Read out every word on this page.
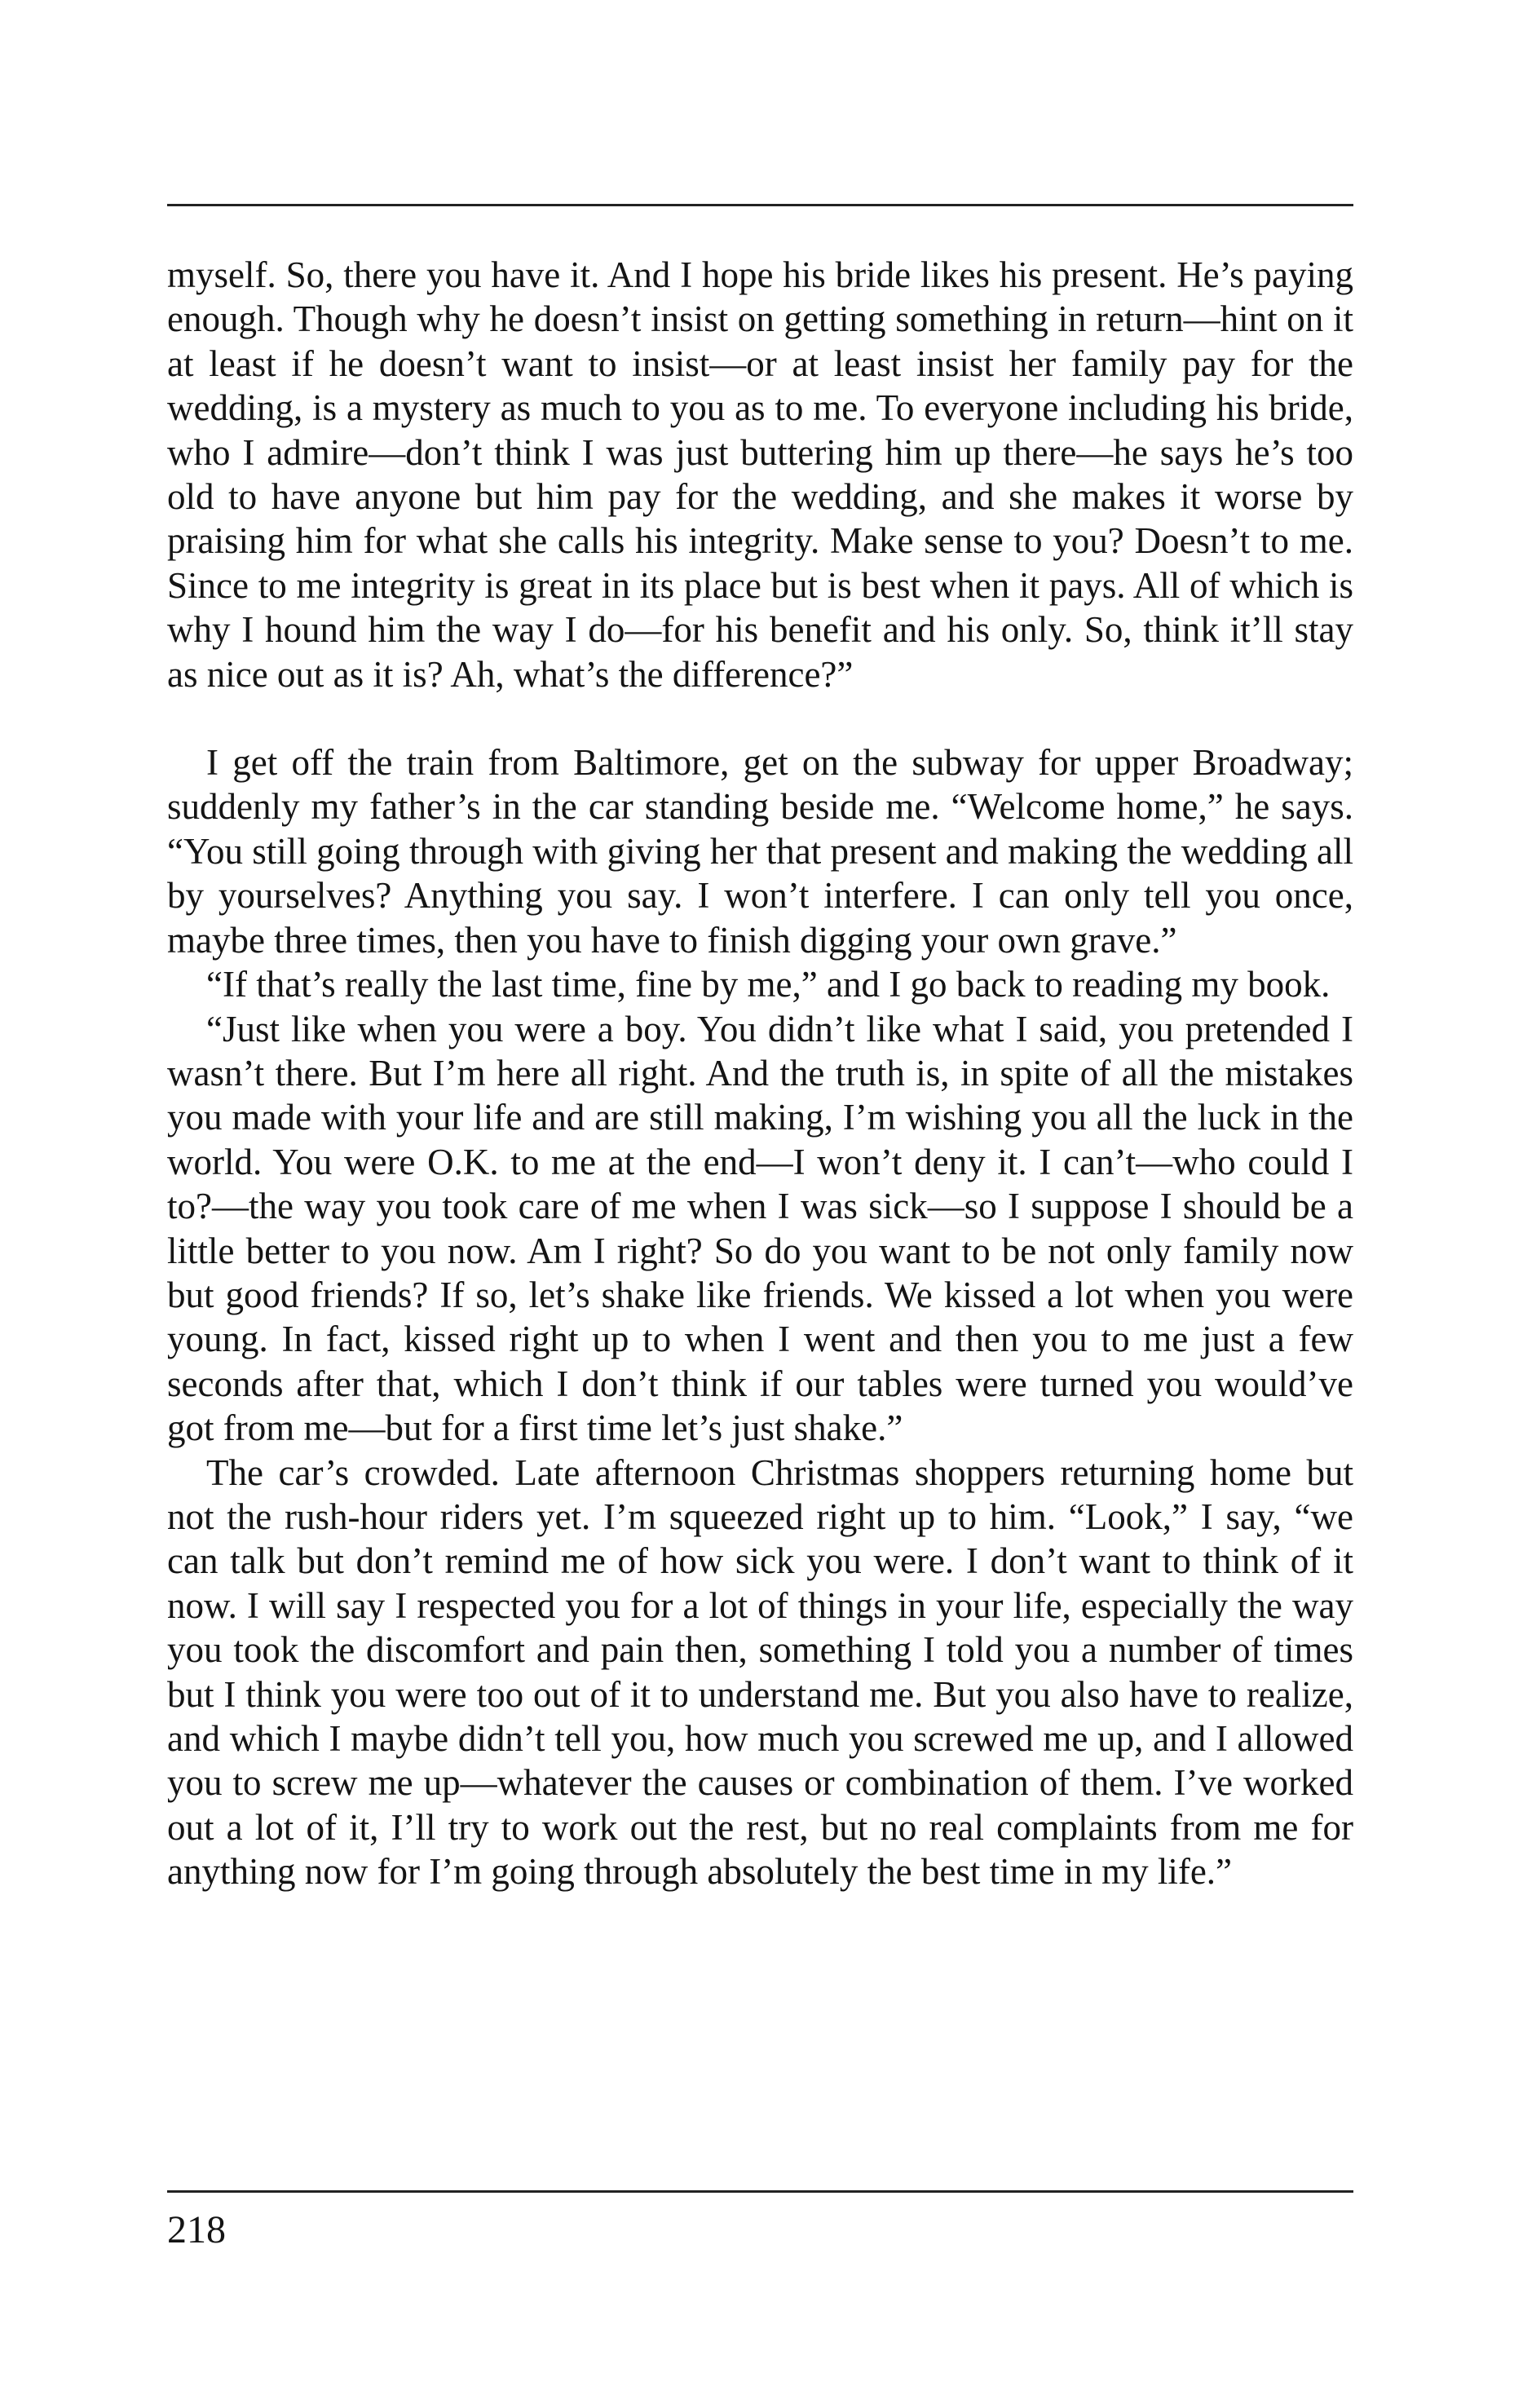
myself. So, there you have it. And I hope his bride likes his present. He’s paying enough. Though why he doesn’t insist on getting something in return—hint on it at least if he doesn’t want to insist—or at least insist her family pay for the wedding, is a mystery as much to you as to me. To everyone including his bride, who I admire—don’t think I was just buttering him up there—he says he’s too old to have anyone but him pay for the wedding, and she makes it worse by praising him for what she calls his integrity. Make sense to you? Doesn’t to me. Since to me integrity is great in its place but is best when it pays. All of which is why I hound him the way I do—for his benefit and his only. So, think it’ll stay as nice out as it is? Ah, what’s the difference?”

I get off the train from Baltimore, get on the subway for upper Broadway; suddenly my father’s in the car standing beside me. “Welcome home,” he says. “You still going through with giving her that present and making the wedding all by yourselves? Anything you say. I won’t interfere. I can only tell you once, maybe three times, then you have to finish digging your own grave.”

“If that’s really the last time, fine by me,” and I go back to reading my book.

“Just like when you were a boy. You didn’t like what I said, you pretended I wasn’t there. But I’m here all right. And the truth is, in spite of all the mistakes you made with your life and are still making, I’m wishing you all the luck in the world. You were O.K. to me at the end—I won’t deny it. I can’t—who could I to?—the way you took care of me when I was sick—so I suppose I should be a little better to you now. Am I right? So do you want to be not only family now but good friends? If so, let’s shake like friends. We kissed a lot when you were young. In fact, kissed right up to when I went and then you to me just a few seconds after that, which I don’t think if our tables were turned you would’ve got from me—but for a first time let’s just shake.”

The car’s crowded. Late afternoon Christmas shoppers returning home but not the rush-hour riders yet. I’m squeezed right up to him. “Look,” I say, “we can talk but don’t remind me of how sick you were. I don’t want to think of it now. I will say I respected you for a lot of things in your life, especially the way you took the discomfort and pain then, something I told you a number of times but I think you were too out of it to understand me. But you also have to realize, and which I maybe didn’t tell you, how much you screwed me up, and I allowed you to screw me up—whatever the causes or combination of them. I’ve worked out a lot of it, I’ll try to work out the rest, but no real complaints from me for anything now for I’m going through absolutely the best time in my life.”

218
